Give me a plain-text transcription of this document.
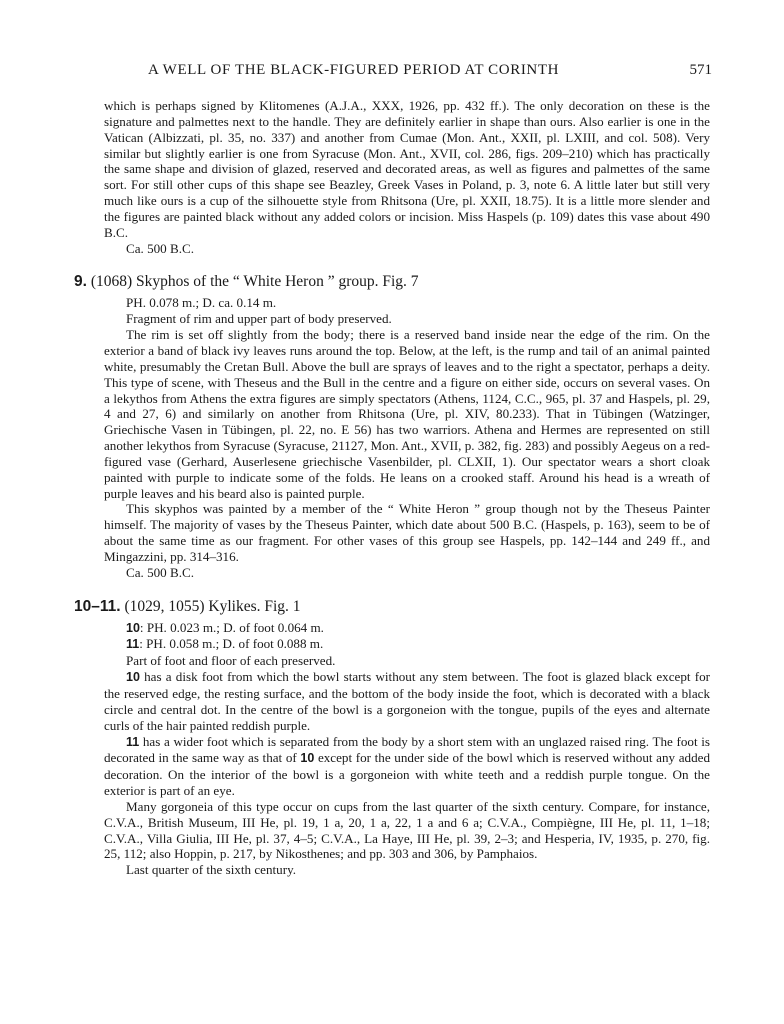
A WELL OF THE BLACK-FIGURED PERIOD AT CORINTH	571

which is perhaps signed by Klitomenes (A.J.A., XXX, 1926, pp. 432 ff.). The only decoration on these is the signature and palmettes next to the handle. They are definitely earlier in shape than ours. Also earlier is one in the Vatican (Albizzati, pl. 35, no. 337) and another from Cumae (Mon. Ant., XXII, pl. LXIII, and col. 508). Very similar but slightly earlier is one from Syracuse (Mon. Ant., XVII, col. 286, figs. 209–210) which has practically the same shape and division of glazed, reserved and decorated areas, as well as figures and palmettes of the same sort. For still other cups of this shape see Beazley, Greek Vases in Poland, p. 3, note 6. A little later but still very much like ours is a cup of the silhouette style from Rhitsona (Ure, pl. XXII, 18.75). It is a little more slender and the figures are painted black without any added colors or incision. Miss Haspels (p. 109) dates this vase about 490 B.C.

Ca. 500 B.C.

9. (1068) Skyphos of the “ White Heron ” group. Fig. 7

PH. 0.078 m.; D. ca. 0.14 m.

Fragment of rim and upper part of body preserved.

The rim is set off slightly from the body; there is a reserved band inside near the edge of the rim. On the exterior a band of black ivy leaves runs around the top. Below, at the left, is the rump and tail of an animal painted white, presumably the Cretan Bull. Above the bull are sprays of leaves and to the right a spectator, perhaps a deity. This type of scene, with Theseus and the Bull in the centre and a figure on either side, occurs on several vases. On a lekythos from Athens the extra figures are simply spectators (Athens, 1124, C.C., 965, pl. 37 and Haspels, pl. 29, 4 and 27, 6) and similarly on another from Rhitsona (Ure, pl. XIV, 80.233). That in Tübingen (Watzinger, Griechische Vasen in Tübingen, pl. 22, no. E 56) has two warriors. Athena and Hermes are represented on still another lekythos from Syracuse (Syracuse, 21127, Mon. Ant., XVII, p. 382, fig. 283) and possibly Aegeus on a red-figured vase (Gerhard, Auserlesene griechische Vasenbilder, pl. CLXII, 1). Our spectator wears a short cloak painted with purple to indicate some of the folds. He leans on a crooked staff. Around his head is a wreath of purple leaves and his beard also is painted purple.

This skyphos was painted by a member of the “ White Heron ” group though not by the Theseus Painter himself. The majority of vases by the Theseus Painter, which date about 500 B.C. (Haspels, p. 163), seem to be of about the same time as our fragment. For other vases of this group see Haspels, pp. 142–144 and 249 ff., and Mingazzini, pp. 314–316.

Ca. 500 B.C.

10–11. (1029, 1055) Kylikes. Fig. 1

10: PH. 0.023 m.; D. of foot 0.064 m.

11: PH. 0.058 m.; D. of foot 0.088 m.

Part of foot and floor of each preserved.

10 has a disk foot from which the bowl starts without any stem between. The foot is glazed black except for the reserved edge, the resting surface, and the bottom of the body inside the foot, which is decorated with a black circle and central dot. In the centre of the bowl is a gorgoneion with the tongue, pupils of the eyes and alternate curls of the hair painted reddish purple.

11 has a wider foot which is separated from the body by a short stem with an unglazed raised ring. The foot is decorated in the same way as that of 10 except for the under side of the bowl which is reserved without any added decoration. On the interior of the bowl is a gorgoneion with white teeth and a reddish purple tongue. On the exterior is part of an eye.

Many gorgoneia of this type occur on cups from the last quarter of the sixth century. Compare, for instance, C.V.A., British Museum, III He, pl. 19, 1 a, 20, 1 a, 22, 1 a and 6 a; C.V.A., Compiègne, III He, pl. 11, 1–18; C.V.A., Villa Giulia, III He, pl. 37, 4–5; C.V.A., La Haye, III He, pl. 39, 2–3; and Hesperia, IV, 1935, p. 270, fig. 25, 112; also Hoppin, p. 217, by Nikosthenes; and pp. 303 and 306, by Pamphaios.

Last quarter of the sixth century.
